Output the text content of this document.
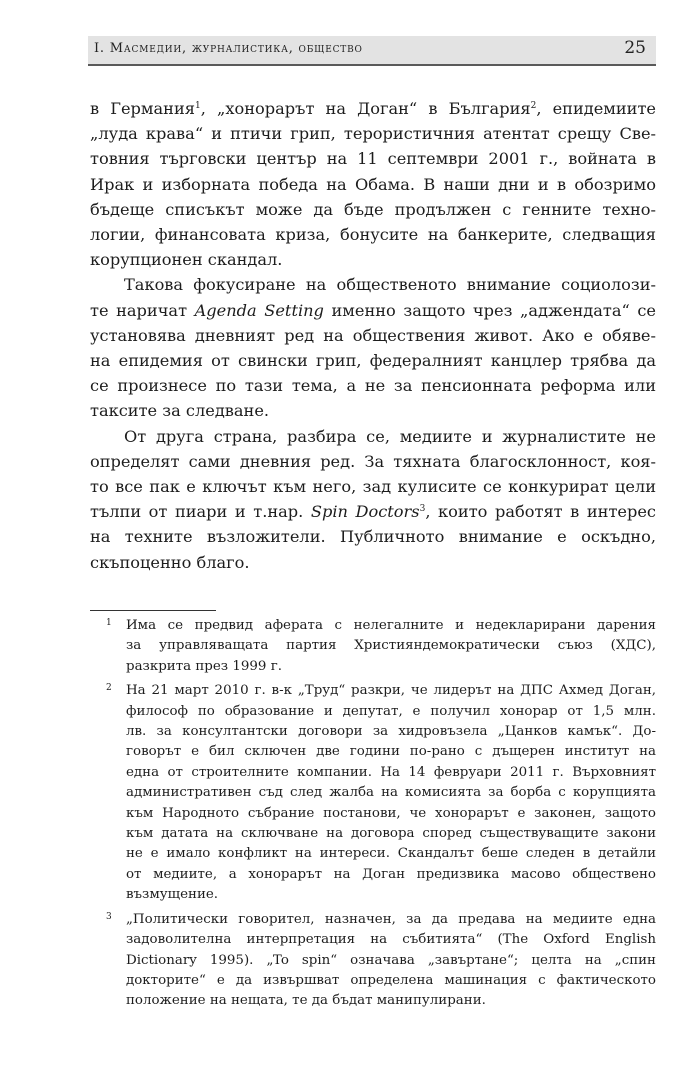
I. Масмедии, журналистика, общество	25
в Германия$^1$, „хонорарът на Доган“ в България$^2$, епидемиите
„луда крава“ и птичи грип, терористичния атентат срещу Све-
товния търговски център на 11 септември 2001 г., войната в
Ирак и изборната победа на Обама. В наши дни и в обозримо
бъдеще списъкът може да бъде продължен с генните техно-
логии, финансовата криза, бонусите на банкерите, следващия
корупционен скандал.
Такова фокусиране на общественото внимание социолози-
те наричат Agenda Setting именно защото чрез „аджендата“ се
установява дневният ред на обществения живот. Ако е обяве-
на епидемия от свински грип, федералният канцлер трябва да
се произнесе по тази тема, а не за пенсионната реформа или
таксите за следване.
От друга страна, разбира се, медиите и журналистите не
определят сами дневния ред. За тяхната благосклонност, коя-
то все пак е ключът към него, зад кулисите се конкурират цели
тълпи от пиари и т.нар. Spin Doctors$^3$, които работят в интерес
на техните възложители. Публичното внимание е оскъдно,
скъпоценно благо.
1 Има се предвид аферата с нелегалните и недекларирани дарения
за управляващата партия Християндемократически съюз (ХДС),
разкрита през 1999 г.
2 На 21 март 2010 г. в-к „Труд“ разкри, че лидерът на ДПС Ахмед Доган,
философ по образование и депутат, е получил хонорар от 1,5 млн.
лв. за консултантски договори за хидровъзела „Цанков камък“. До-
говорът е бил сключен две години по-рано с дъщерен институт на
една от строителните компании. На 14 февруари 2011 г. Върховният
административен съд след жалба на комисията за борба с корупцията
към Народното събрание постанови, че хонорарът е законен, защото
към датата на сключване на договора според съществуващите закони
не е имало конфликт на интереси. Скандалът беше следен в детайли
от медиите, а хонорарът на Доган предизвика масово обществено
възмущение.
3 „Политически говорител, назначен, за да предава на медиите една
задоволителна интерпретация на събитията“ (The Oxford English
Dictionary 1995). „To spin“ означава „завъртане“; целта на „спин
докторите“ е да извършват определена машинация с фактическото
положение на нещата, те да бъдат манипулирани.
